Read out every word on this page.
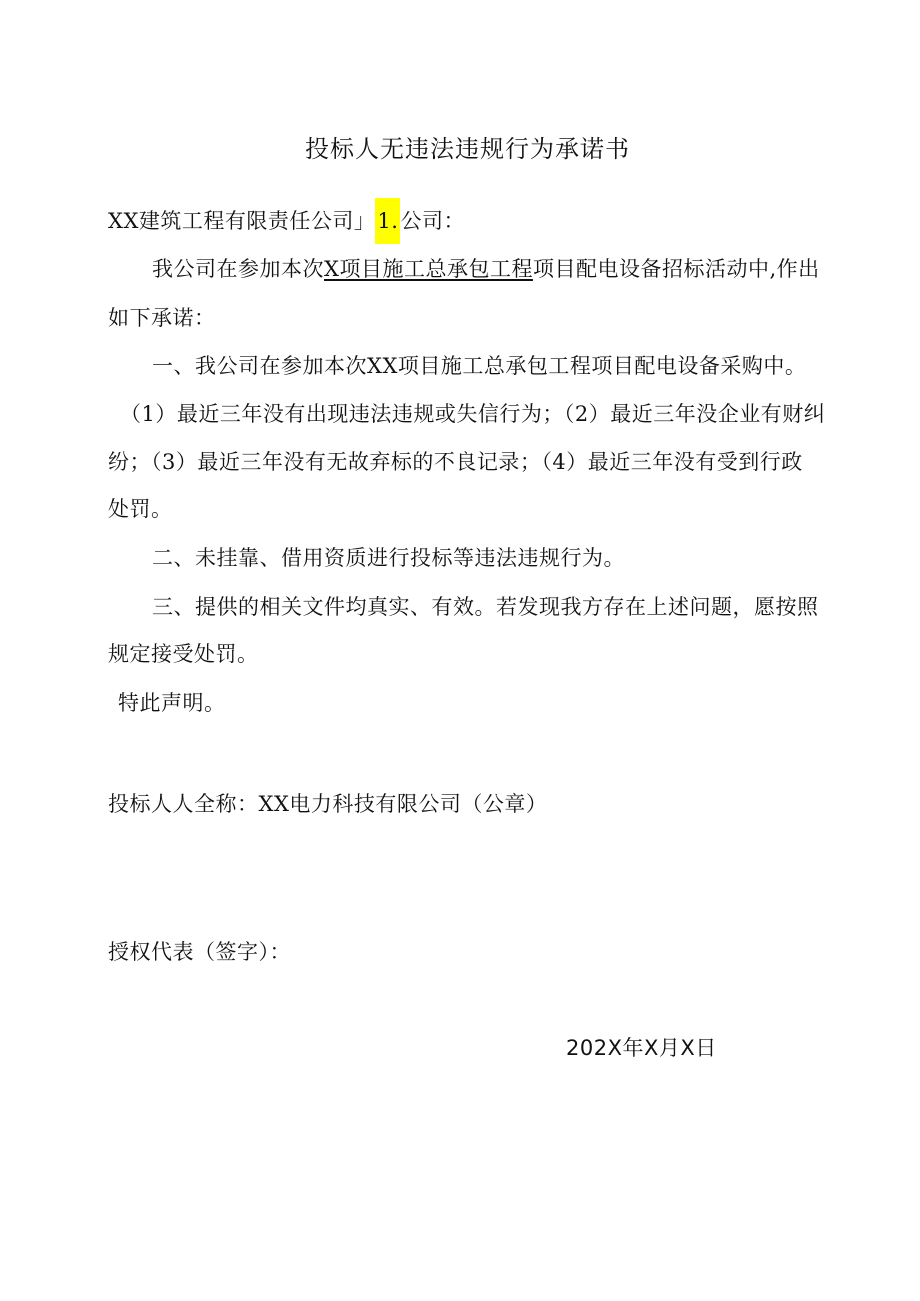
投标人无违法违规行为承诺书
XX建筑工程有限责任公司」1.公司：
我公司在参加本次X项目施工总承包工程项目配电设备招标活动中,作出
如下承诺：
一、我公司在参加本次XX项目施工总承包工程项目配电设备采购中。
（1）最近三年没有出现违法违规或失信行为；（2）最近三年没企业有财纠
纷；（3）最近三年没有无故弃标的不良记录；（4）最近三年没有受到行政
处罚。
二、未挂靠、借用资质进行投标等违法违规行为。
三、提供的相关文件均真实、有效。若发现我方存在上述问题，愿按照
规定接受处罚。
特此声明。
投标人人全称：XX电力科技有限公司（公章）
授权代表（签字）：
202X年X月X日
